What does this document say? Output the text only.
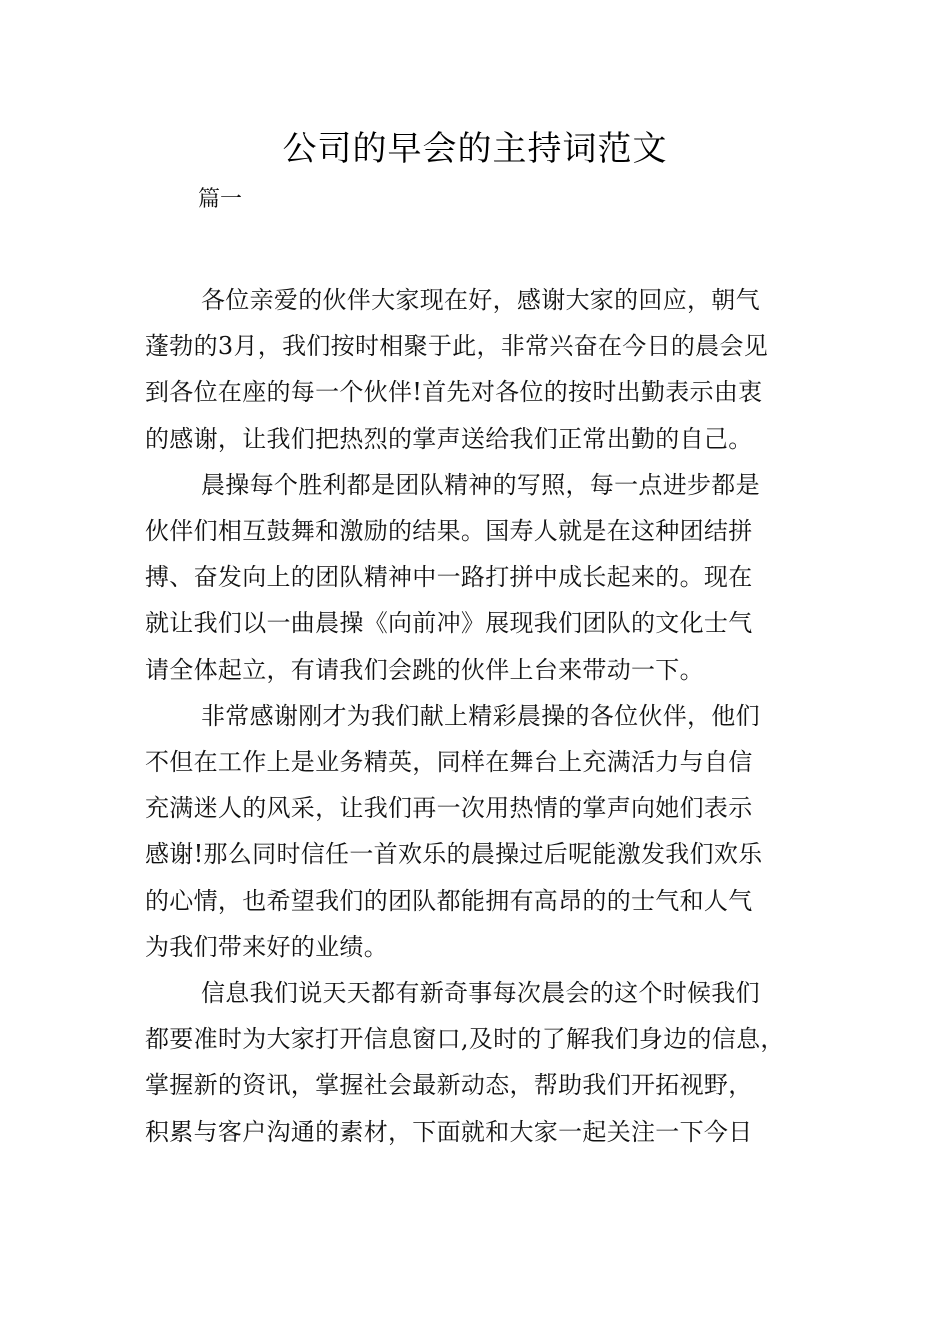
公司的早会的主持词范文
篇一

各位亲爱的伙伴大家现在好，感谢大家的回应，朝气
蓬勃的3月，我们按时相聚于此，非常兴奋在今日的晨会见
到各位在座的每一个伙伴!首先对各位的按时出勤表示由衷
的感谢，让我们把热烈的掌声送给我们正常出勤的自己。

晨操每个胜利都是团队精神的写照，每一点进步都是
伙伴们相互鼓舞和激励的结果。国寿人就是在这种团结拼
搏、奋发向上的团队精神中一路打拼中成长起来的。现在
就让我们以一曲晨操《向前冲》展现我们团队的文化士气
请全体起立，有请我们会跳的伙伴上台来带动一下。

非常感谢刚才为我们献上精彩晨操的各位伙伴，他们
不但在工作上是业务精英，同样在舞台上充满活力与自信
充满迷人的风采，让我们再一次用热情的掌声向她们表示
感谢!那么同时信任一首欢乐的晨操过后呢能激发我们欢乐
的心情，也希望我们的团队都能拥有高昂的的士气和人气
为我们带来好的业绩。

信息我们说天天都有新奇事每次晨会的这个时候我们
都要准时为大家打开信息窗口,及时的了解我们身边的信息，
掌握新的资讯，掌握社会最新动态，帮助我们开拓视野，
积累与客户沟通的素材，下面就和大家一起关注一下今日
